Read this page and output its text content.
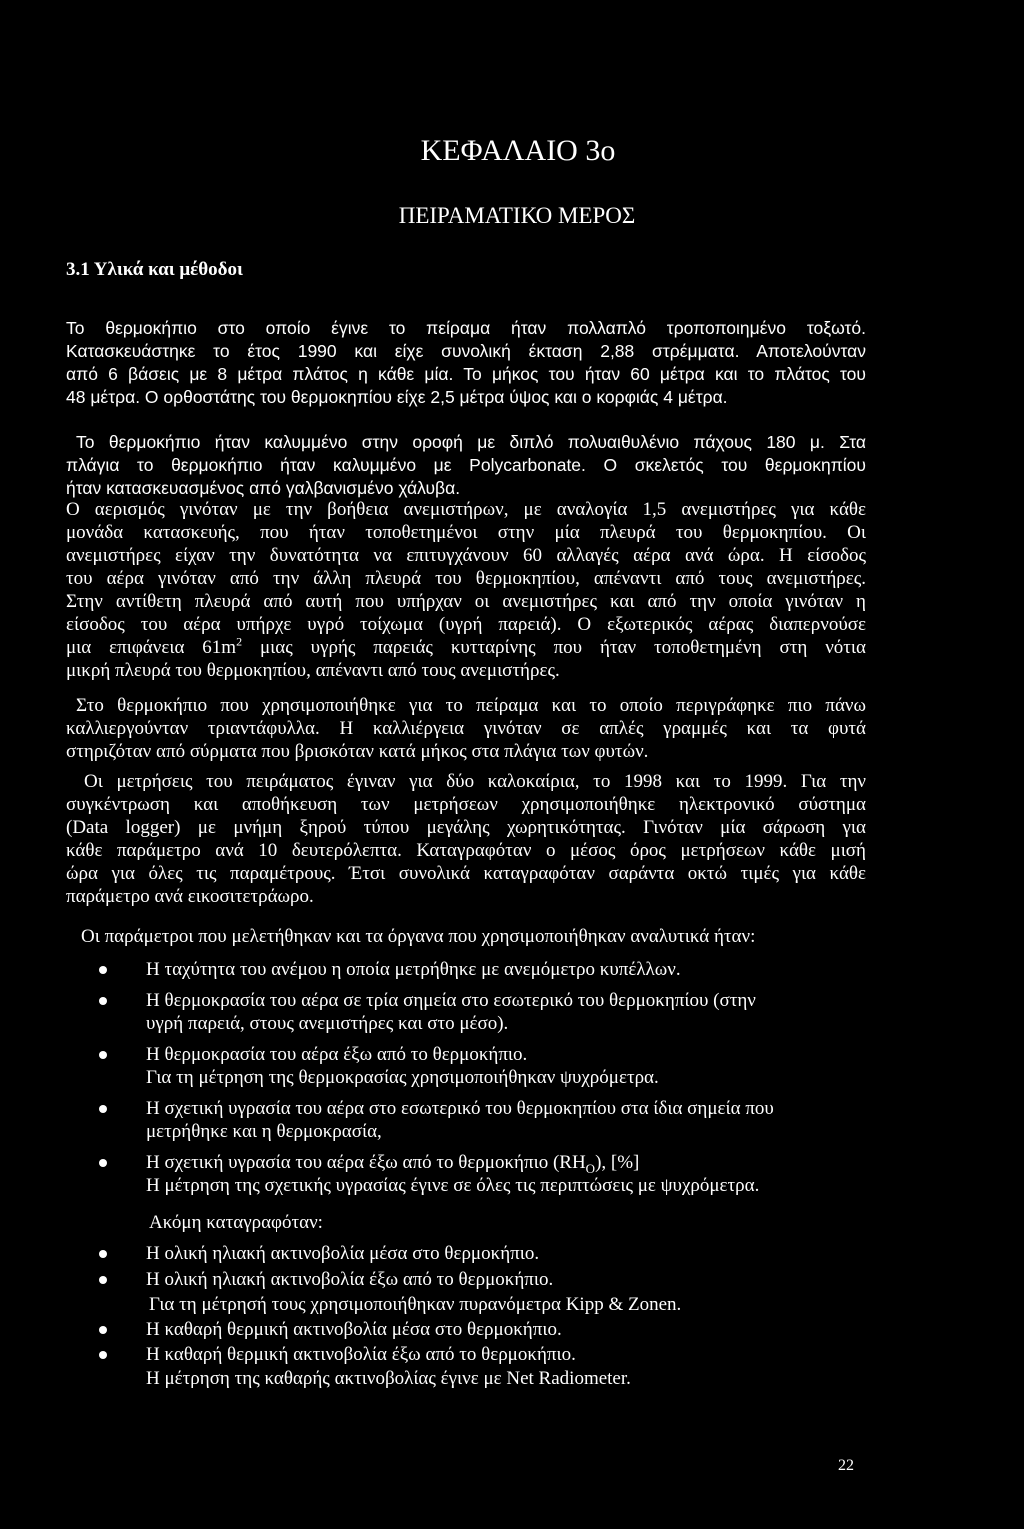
ΚΕΦΑΛΑΙΟ 3ο
ΠΕΙΡΑΜΑΤΙΚΟ ΜΕΡΟΣ
3.1 Υλικά και μέθοδοι
Το θερμοκήπιο στο οποίο έγινε το πείραμα ήταν πολλαπλό τροποποιημένο τοξωτό.
Κατασκευάστηκε το έτος 1990 και είχε συνολική έκταση 2,88 στρέμματα. Αποτελούνταν
από 6 βάσεις με 8 μέτρα πλάτος η κάθε μία. Το μήκος του ήταν 60 μέτρα και το πλάτος του
48 μέτρα. Ο ορθοστάτης του θερμοκηπίου είχε 2,5 μέτρα ύψος και ο κορφιάς 4 μέτρα.
Το θερμοκήπιο ήταν καλυμμένο στην οροφή με διπλό πολυαιθυλένιο πάχους 180 μ. Στα
πλάγια το θερμοκήπιο ήταν καλυμμένο με Polycarbonate. Ο σκελετός του θερμοκηπίου
ήταν κατασκευασμένος από γαλβανισμένο χάλυβα.
Ο αερισμός γινόταν με την βοήθεια ανεμιστήρων, με αναλογία 1,5 ανεμιστήρες για κάθε
μονάδα κατασκευής, που ήταν τοποθετημένοι στην μία πλευρά του θερμοκηπίου. Οι
ανεμιστήρες είχαν την δυνατότητα να επιτυγχάνουν 60 αλλαγές αέρα ανά ώρα. Η είσοδος
του αέρα γινόταν από την άλλη πλευρά του θερμοκηπίου, απέναντι από τους ανεμιστήρες.
Στην αντίθετη πλευρά από αυτή που υπήρχαν οι ανεμιστήρες και από την οποία γινόταν η
είσοδος του αέρα υπήρχε υγρό τοίχωμα (υγρή παρειά). Ο εξωτερικός αέρας διαπερνούσε
μια επιφάνεια $61m^2$ μιας υγρής παρειάς κυτταρίνης που ήταν τοποθετημένη στη νότια
μικρή πλευρά του θερμοκηπίου, απέναντι από τους ανεμιστήρες.
Στο θερμοκήπιο που χρησιμοποιήθηκε για το πείραμα και το οποίο περιγράφηκε πιο πάνω
καλλιεργούνταν τριαντάφυλλα. Η καλλιέργεια γινόταν σε απλές γραμμές και τα φυτά
στηριζόταν από σύρματα που βρισκόταν κατά μήκος στα πλάγια των φυτών.
Οι μετρήσεις του πειράματος έγιναν για δύο καλοκαίρια, το 1998 και το 1999. Για την
συγκέντρωση και αποθήκευση των μετρήσεων χρησιμοποιήθηκε ηλεκτρονικό σύστημα
(Data logger) με μνήμη ξηρού τύπου μεγάλης χωρητικότητας. Γινόταν μία σάρωση για
κάθε παράμετρο ανά 10 δευτερόλεπτα. Καταγραφόταν ο μέσος όρος μετρήσεων κάθε μισή
ώρα για όλες τις παραμέτρους. Έτσι συνολικά καταγραφόταν σαράντα οκτώ τιμές για κάθε
παράμετρο ανά εικοσιτετράωρο.
Οι παράμετροι που μελετήθηκαν και τα όργανα που χρησιμοποιήθηκαν αναλυτικά ήταν:
Η ταχύτητα του ανέμου η οποία μετρήθηκε με ανεμόμετρο κυπέλλων.
Η θερμοκρασία του αέρα σε τρία σημεία στο εσωτερικό του θερμοκηπίου (στην
υγρή παρειά, στους ανεμιστήρες και στο μέσο).
Η θερμοκρασία του αέρα έξω από το θερμοκήπιο.
Για τη μέτρηση της θερμοκρασίας χρησιμοποιήθηκαν ψυχρόμετρα.
Η σχετική υγρασία του αέρα στο εσωτερικό του θερμοκηπίου στα ίδια σημεία που
μετρήθηκε και η θερμοκρασία,
Η σχετική υγρασία του αέρα έξω από το θερμοκήπιο $(RH_O)$, [%]
Η μέτρηση της σχετικής υγρασίας έγινε σε όλες τις περιπτώσεις με ψυχρόμετρα.
Ακόμη καταγραφόταν:
Η ολική ηλιακή ακτινοβολία μέσα στο θερμοκήπιο.
Η ολική ηλιακή ακτινοβολία έξω από το θερμοκήπιο.
Για τη μέτρησή τους χρησιμοποιήθηκαν πυρανόμετρα Kipp & Zonen.
Η καθαρή θερμική ακτινοβολία μέσα στο θερμοκήπιο.
Η καθαρή θερμική ακτινοβολία έξω από το θερμοκήπιο.
Η μέτρηση της καθαρής ακτινοβολίας έγινε με Net Radiometer.
22
